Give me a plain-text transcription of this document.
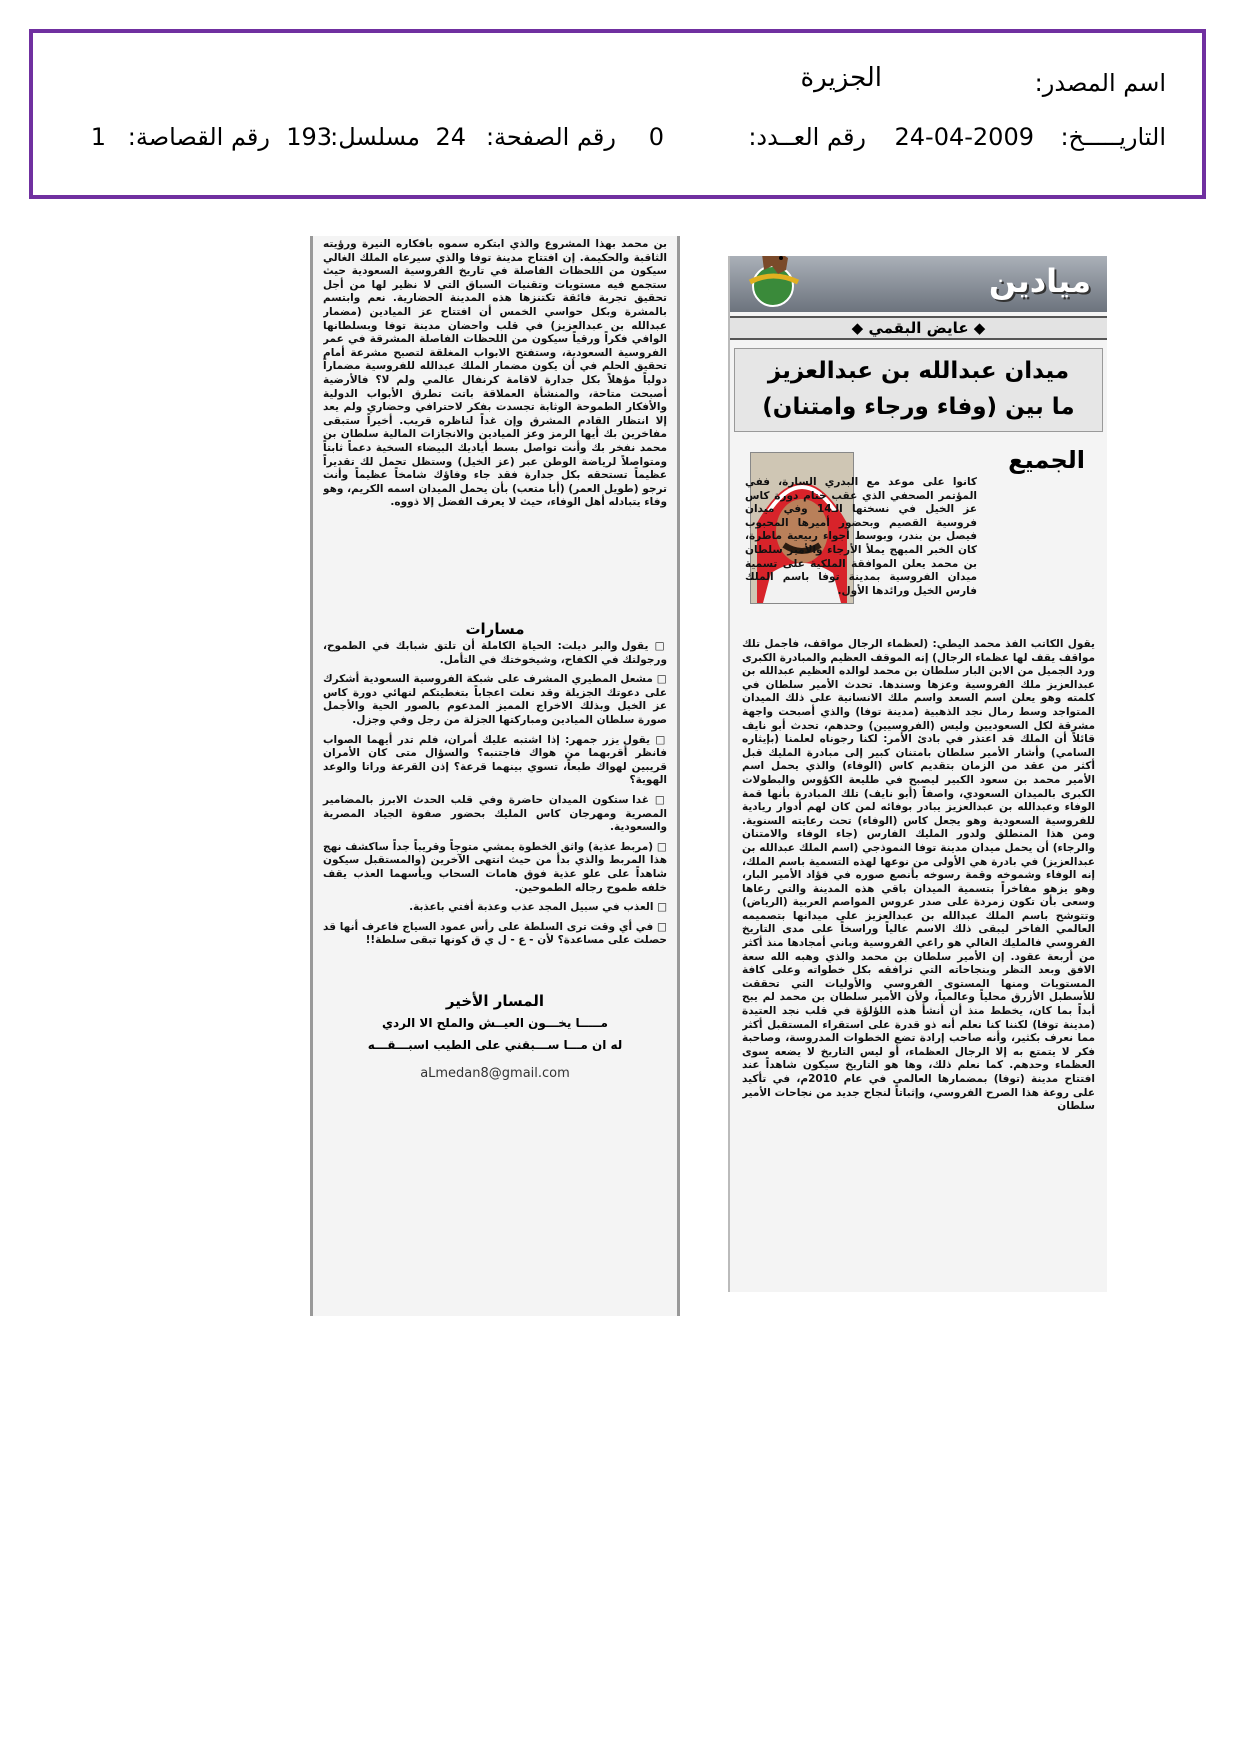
اسم المصدر:
الجزيرة
التاريـــــخ:
24-04-2009
رقم العــدد:
0
رقم الصفحة:
24
مسلسل:
193
رقم القصاصة:
1
ميادين
◆ عايض البقمي ◆
ميدان عبدالله بن عبدالعزيز
ما بين (وفاء ورجاء وامتنان)
الجميع
كانوا على موعد مع البدري السارة، ففي المؤتمر الصحفي الذي عقب ختام دورة كاس عز الخيل في نسختها الـ14 وفي ميدان فروسية القصيم وبحضور أميرها المحبوب فيصل بن بندر، وبوسط أجواء ربيعية ماطرة، كان الخبر المبهج يملأ الأرجاء والأمير سلطان بن محمد يعلن الموافقة الملكية على تسمية ميدان الفروسية بمدينة توفا باسم الملك فارس الخيل ورائدها الأول.
يقول الكاتب الفذ محمد اليطي: (لعظماء الرجال مواقف، فأجمل تلك مواقف يقف لها عظماء الرجال) إنه الموقف العظيم والمبادرة الكبرى ورد الجميل من الابن البار سلطان بن محمد لوالده العظيم عبدالله بن عبدالعزيز ملك الفروسية وعزها وسندها. تحدث الأمير سلطان في كلمته وهو يعلن اسم السعد واسم ملك الانسانية على ذلك الميدان المتواجد وسط رمال نجد الذهبية (مدينة توفا) والذي أصبحت واجهة مشرقة لكل السعوديين وليس (الفروسيين) وحدهم، تحدث أبو نايف قائلاً أن الملك قد اعتذر في بادئ الأمر: لكنا رجوناه لعلمنا (بإيثاره السامي) وأشار الأمير سلطان بامتنان كبير إلى مبادرة المليك قبل أكثر من عقد من الزمان بتقديم كاس (الوفاء) والذي يحمل اسم الأمير محمد بن سعود الكبير ليصبح في طليعة الكؤوس والبطولات الكبرى بالميدان السعودي، واصفاً (أبو نايف) تلك المبادرة بأنها قمة الوفاء وعبدالله بن عبدالعزيز يبادر بوفائه لمن كان لهم أدوار ريادية للفروسية السعودية وهو يجعل كاس (الوفاء) تحت رعايته السنوية. ومن هذا المنطلق ولدور المليك الفارس (جاء الوفاء والامتنان والرجاء) أن يحمل ميدان مدينة توفا النموذجي (اسم الملك عبدالله بن عبدالعزيز) في بادرة هي الأولى من نوعها لهذه التسمية باسم الملك، إنه الوفاء وشموخه وقمة رسوخه بأنصع صوره في فؤاد الأمير البار، وهو يزهو مفاخراً بتسمية الميدان باقي هذه المدينة والتي رعاها وسعى بأن تكون زمردة على صدر عروس المواصم العربية (الرياض) وتتوشح باسم الملك عبدالله بن عبدالعزيز على ميدانها بتصميمه العالمي الفاخر ليبقى ذلك الاسم عالياً وراسخاً على مدى التاريخ الفروسي فالمليك الغالي هو راعي الفروسية وباني أمجادها منذ أكثر من أربعة عقود. إن الأمير سلطان بن محمد والذي وهبه الله سعة الافق وبعد النظر وبنجاحاته التي ترافقه بكل خطواته وعلى كافة المستويات ومنها المستوى الفروسي والأوليات التي تحققت للأسطبل الأزرق محلياً وعالمياً، ولأن الأمير سلطان بن محمد لم يبح أبداً بما كان، يخطط منذ أن أنشأ هذه اللؤلؤة في قلب نجد العتيدة (مدينة توفا) لكننا كنا نعلم أنه ذو قدرة على استقراء المستقبل أكثر مما نعرف بكثير، وأنه صاحب إرادة تضع الخطوات المدروسة، وصاحبة فكر لا يتمتع به إلا الرجال العظماء، أو ليس التاريخ لا يضعه سوى العظماء وحدهم. كما نعلم ذلك، وها هو التاريخ سيكون شاهداً عند افتتاح مدينة (توفا) بمضمارها العالمي في عام 2010م، في تأكيد على روعة هذا الصرح الفروسي، وإثباتاً لنجاح جديد من نجاحات الأمير سلطان
بن محمد بهذا المشروع والذي ابتكره سموه بأفكاره النيرة ورؤيته الثاقبة والحكيمة. إن افتتاح مدينة توفا والذي سيرعاه الملك الغالي سيكون من اللحظات الفاصلة في تاريخ الفروسية السعودية حيث ستجمع فيه مستويات وتقنيات السباق التي لا نظير لها من أجل تحقيق تجربة فائقة تكتنزها هذه المدينة الحضارية. نعم وابتسم بالمشرة وبكل حواسي الخمس أن افتتاح عز الميادين (مضمار عبدالله بن عبدالعزيز) في قلب واحضان مدينة توفا وبسلطانها الوافي فكراً ورقياً سيكون من اللحظات الفاصلة المشرقة في عمر الفروسية السعودية، وستفتح الابواب المغلقة لتصبح مشرعة أمام تحقيق الحلم في أن يكون مضمار الملك عبدالله للفروسية مضماراً دولياً مؤهلاً بكل جدارة لاقامة كرنفال عالمي ولم لا؟ فالأرضية أصبحت متاحة، والمنشأة العملاقة باتت تطرق الأبواب الدولية والأفكار الطموحة الوثابة تجسدت بفكر لاحترافي وحضاري ولم يعد إلا انتظار القادم المشرق وإن غداً لناظره قريب. أخيراً ستبقى مفاخرين بك أيها الرمز وعز الميادين والانجازات المالية سلطان بن محمد نفخر بك وأنت تواصل بسط أياديك البيضاء السخية دعماً ثابتاً ومتواصلاً لرياضة الوطن عبر (عز الخيل) وستظل تحمل لك تقديراً عظيماً تستحقه بكل جدارة فقد جاء وفاؤك شامخاً عظيماً وأنت ترجو (طويل العمر) (أبا متعب) بأن يحمل الميدان اسمه الكريم، وهو وفاء يتبادله أهل الوفاء، حيث لا يعرف الفضل إلا ذووه.
مسارات
□ يقول والبر ديلت: الحياة الكاملة أن تلتق شبابك في الطموح، ورجولتك في الكفاح، وشيخوختك في التأمل.
□ مشعل المطيري المشرف على شبكة الفروسية السعودية أشكرك على دعوتك الجزيلة وقد نعلت اعجاباً بتغطيتكم لنهائي دورة كاس عز الخيل وبذلك الاخراج المميز المدعوم بالصور الحية والأجمل صورة سلطان الميادين ومباركتها الجزلة من رجل وفي وجزل.
□ يقول يزر جمهر: إذا اشتبه عليك أمران، فلم تدر أيهما الصواب فانظر أقربهما من هواك فاجتنبه؟ والسؤال متى كان الأمران قريبين لهواك طبعاً، تسوي بينهما قرعة؟ إذن القرعة وراتا والوعد الهوية؟
□ غدا ستكون الميدان حاضرة وفي قلب الحدث الابرز بالمضامير المصرية ومهرجان كاس المليك بحضور صفوة الجياد المصرية والسعودية.
□ (مربط عذية) واثق الخطوة يمشي متوجاً وقريباً جداً ساكشف نهج هذا المربط والذي بدأ من حيث انتهى الآخرين (والمستقبل سيكون شاهداً على علو عذية فوق هامات السحاب ويأسهما العذب يقف خلفه طموح رجاله الطموحين.
□ العذب في سبيل المجد عذب وعذبة أفتي باعذبة.
□ في أي وقت ترى السلطة على رأس عمود السياج فاعرف أنها قد حصلت على مساعدة؟ لأن - ع - ل ي ق كونها تبقى سلطة!!
المسار الأخير
مـــــا يخـــون العيــش والملح الا الردي
له ان مـــا ســـبقني على الطيب اسبـــقـــه
aLmedan8@gmail.com
